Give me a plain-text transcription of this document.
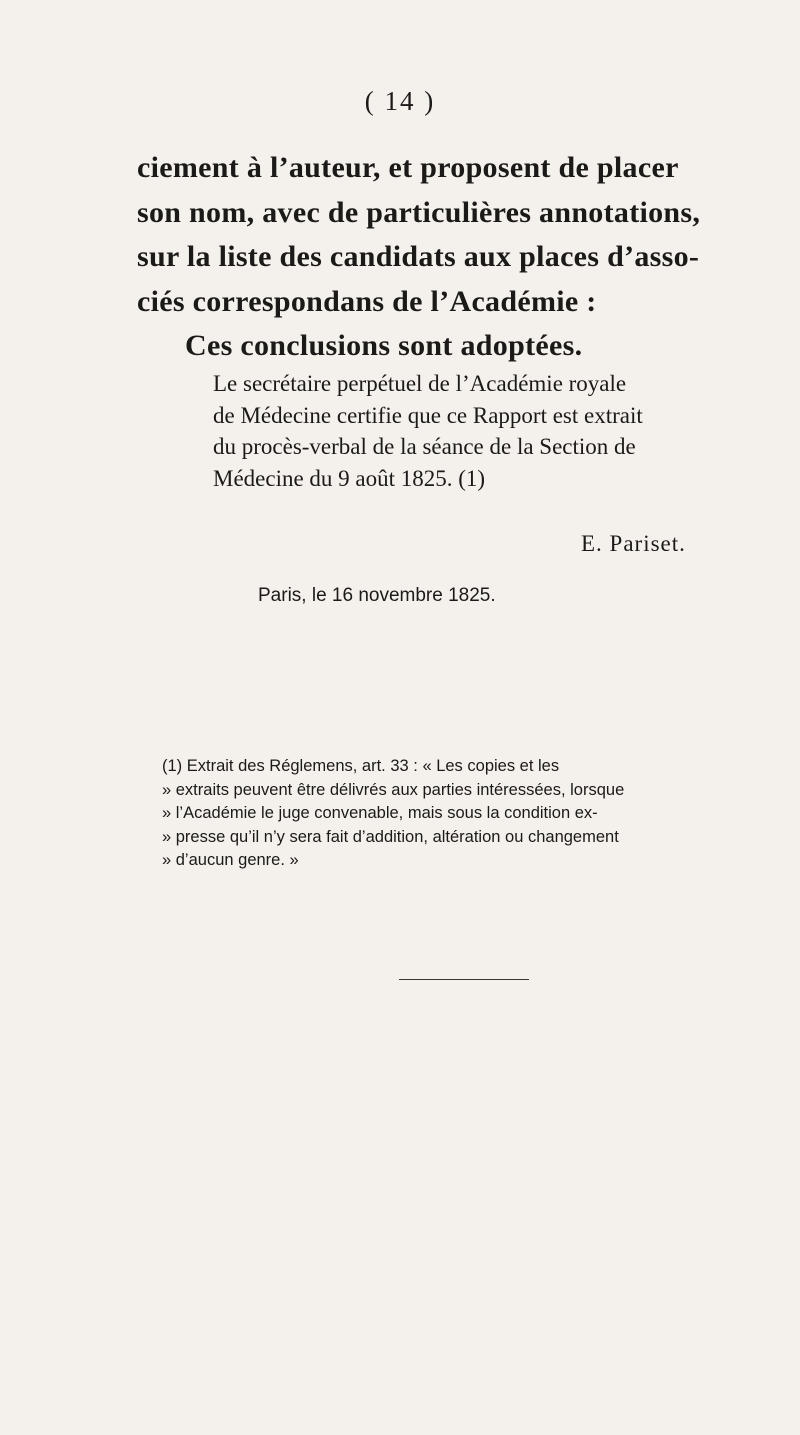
( 14 )
ciement à l’auteur, et proposent de placer
son nom, avec de particulières annotations,
sur la liste des candidats aux places d’asso-
ciés correspondans de l’Académie :
Ces conclusions sont adoptées.
Le secrétaire perpétuel de l’Académie royale
de Médecine certifie que ce Rapport est extrait
du procès-verbal de la séance de la Section de
Médecine du 9 août 1825. (1)
E. Pariset.
Paris, le 16 novembre 1825.
(1) Extrait des Réglemens, art. 33 : « Les copies et les
» extraits peuvent être délivrés aux parties intéressées, lorsque
» l’Académie le juge convenable, mais sous la condition ex-
» presse qu’il n’y sera fait d’addition, altération ou changement
» d’aucun genre. »
